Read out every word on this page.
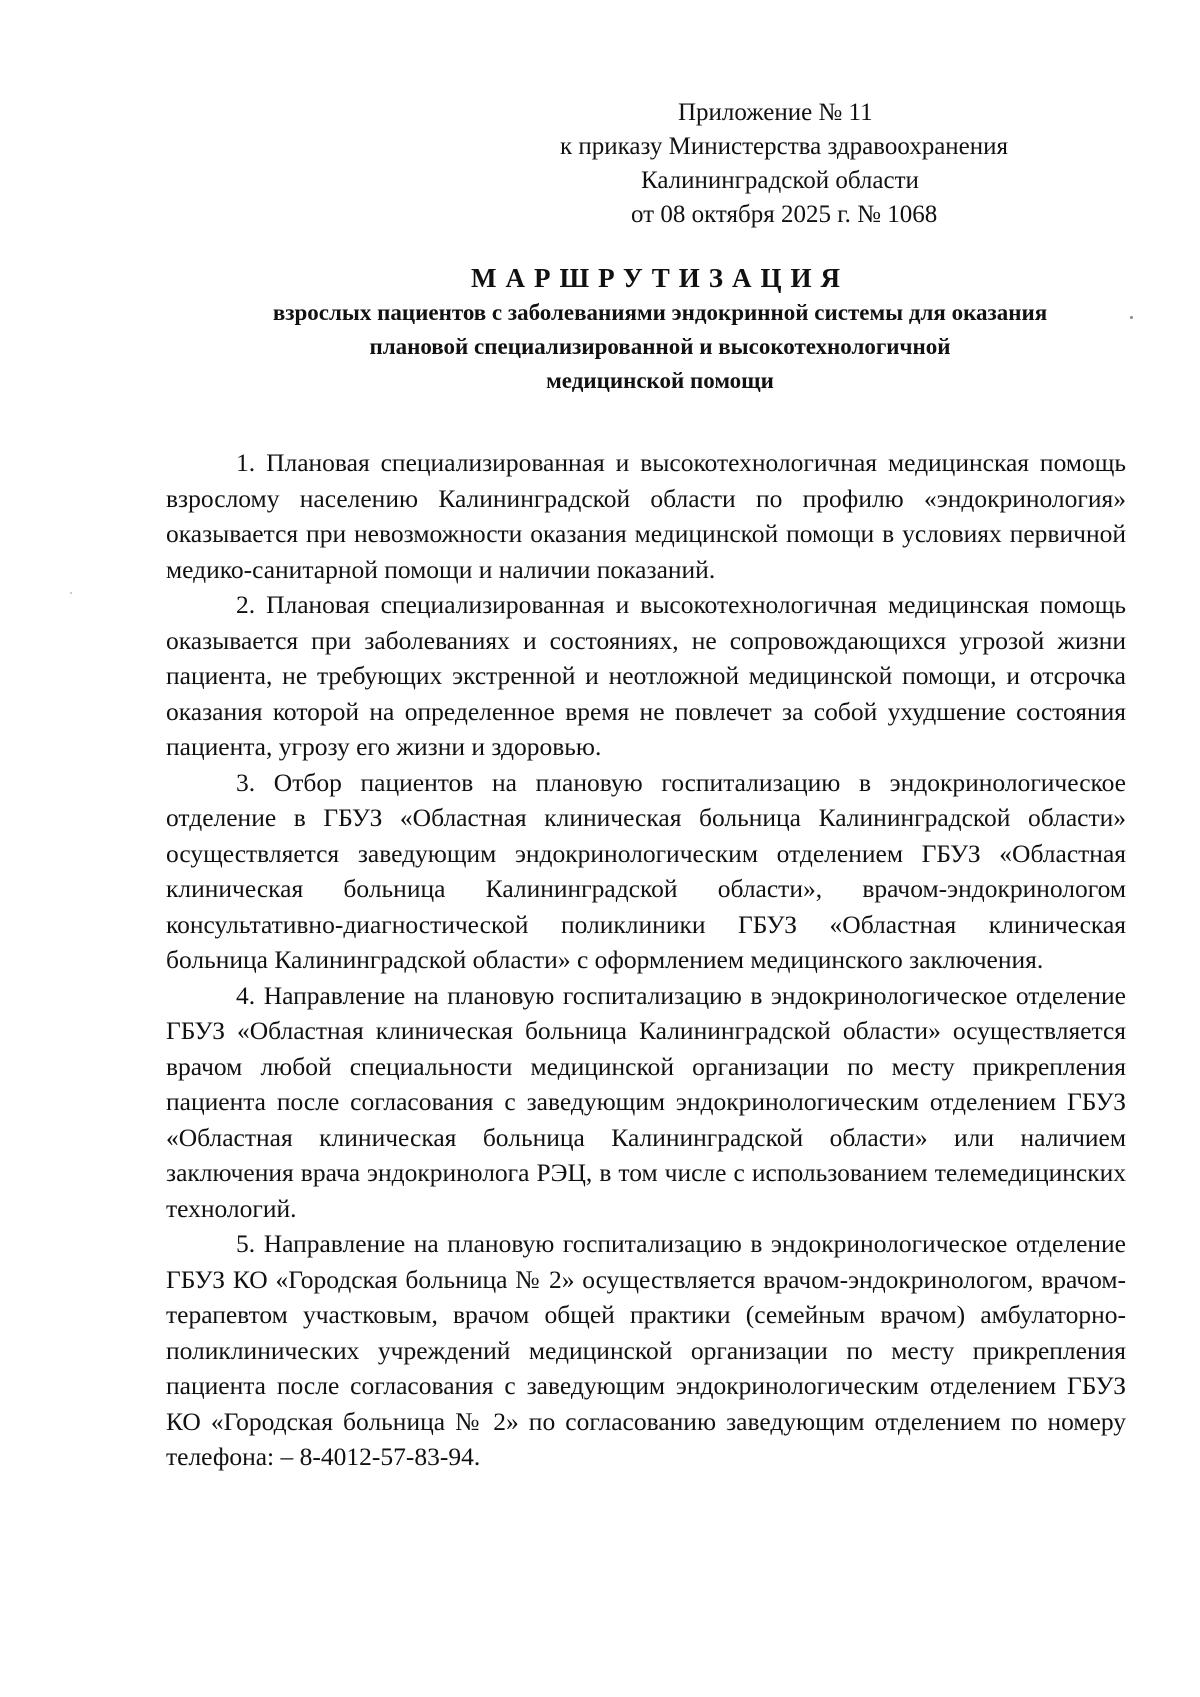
Приложение № 11
к приказу Министерства здравоохранения
Калининградской области
от 08 октября 2025 г. № 1068
МАРШРУТИЗАЦИЯ
взрослых пациентов с заболеваниями эндокринной системы для оказания
плановой специализированной и высокотехнологичной
медицинской помощи

1. Плановая специализированная и высокотехнологичная медицинская помощь взрослому населению Калининградской области по профилю «эндокринология» оказывается при невозможности оказания медицинской помощи в условиях первичной медико-санитарной помощи и наличии показаний.

2. Плановая специализированная и высокотехнологичная медицинская помощь оказывается при заболеваниях и состояниях, не сопровождающихся угрозой жизни пациента, не требующих экстренной и неотложной медицинской помощи, и отсрочка оказания которой на определенное время не повлечет за собой ухудшение состояния пациента, угрозу его жизни и здоровью.

3. Отбор пациентов на плановую госпитализацию в эндокринологическое отделение в ГБУЗ «Областная клиническая больница Калининградской области» осуществляется заведующим эндокринологическим отделением ГБУЗ «Областная клиническая больница Калининградской области», врачом-эндокринологом консультативно-диагностической поликлиники ГБУЗ «Областная клиническая больница Калининградской области» с оформлением медицинского заключения.

4. Направление на плановую госпитализацию в эндокринологическое отделение ГБУЗ «Областная клиническая больница Калининградской области» осуществляется врачом любой специальности медицинской организации по месту прикрепления пациента после согласования с заведующим эндокринологическим отделением ГБУЗ «Областная клиническая больница Калининградской области» или наличием заключения врача эндокринолога РЭЦ, в том числе с использованием телемедицинских технологий.

5. Направление на плановую госпитализацию в эндокринологическое отделение ГБУЗ КО «Городская больница № 2» осуществляется врачом-эндокринологом, врачом-терапевтом участковым, врачом общей практики (семейным врачом) амбулаторно-поликлинических учреждений медицинской организации по месту прикрепления пациента после согласования с заведующим эндокринологическим отделением ГБУЗ КО «Городская больница № 2» по согласованию заведующим отделением по номеру телефона: – 8-4012-57-83-94.
